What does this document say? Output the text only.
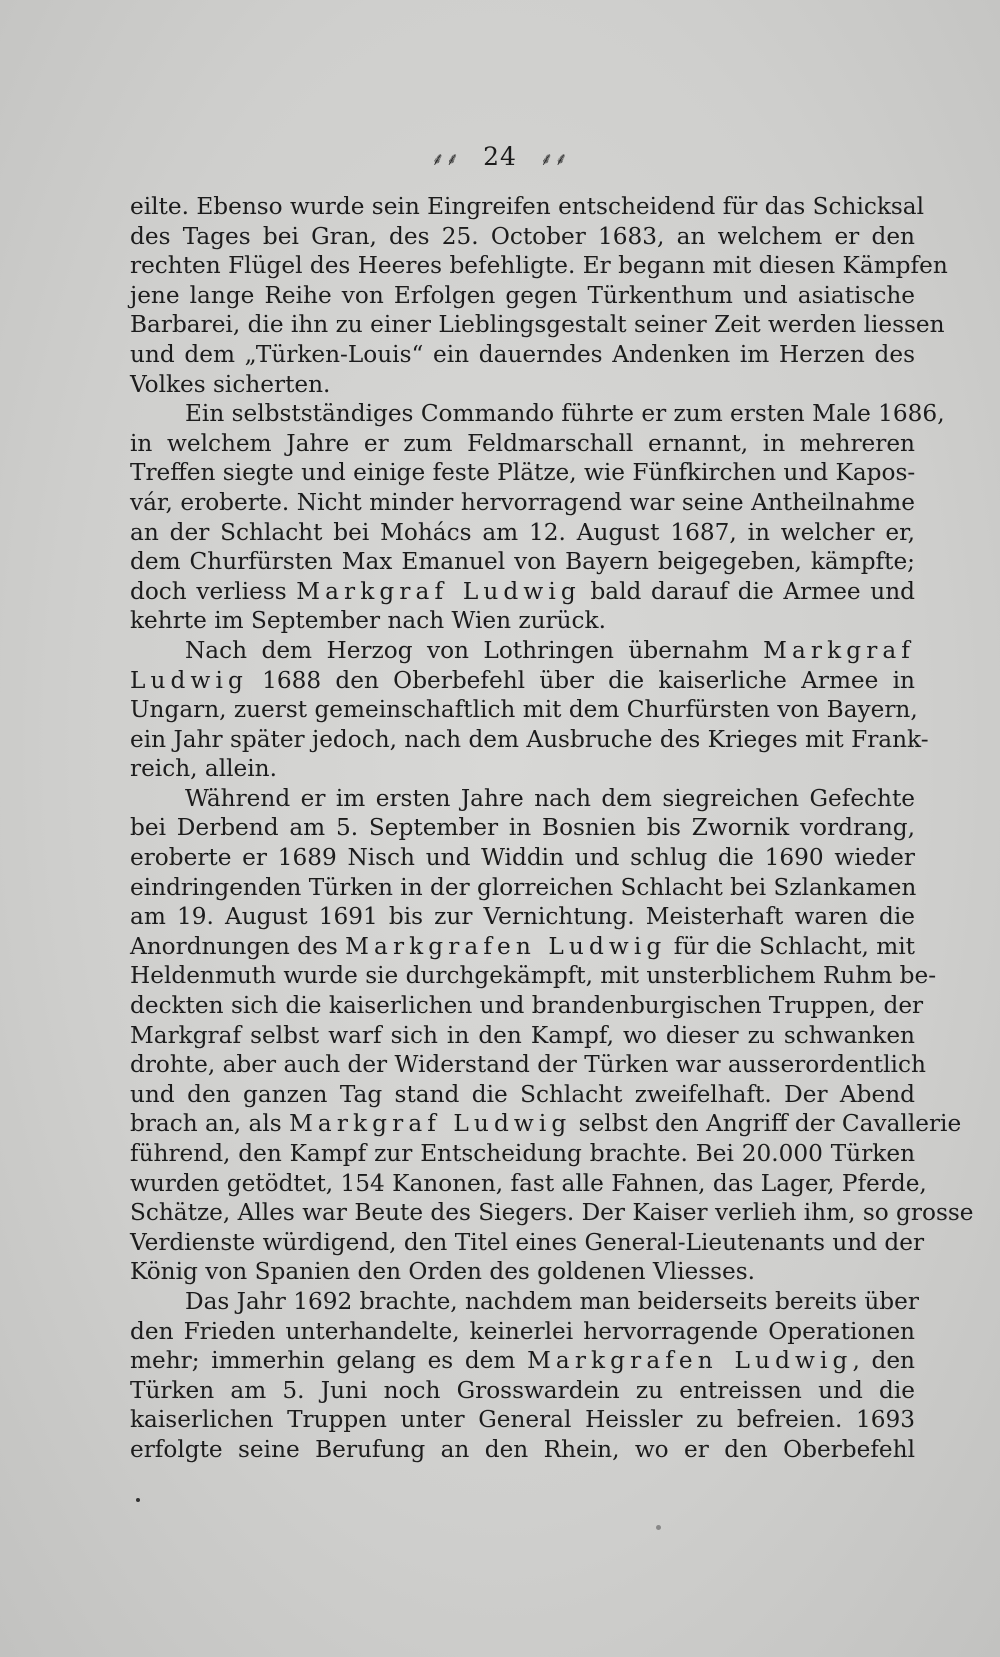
⸙⸙ 24 ⸙⸙
eilte. Ebenso wurde sein Eingreifen entscheidend für das Schicksal
des Tages bei Gran, des 25. October 1683, an welchem er den
rechten Flügel des Heeres befehligte. Er begann mit diesen Kämpfen
jene lange Reihe von Erfolgen gegen Türkenthum und asiatische
Barbarei, die ihn zu einer Lieblingsgestalt seiner Zeit werden liessen
und dem „Türken-Louis“ ein dauerndes Andenken im Herzen des
Volkes sicherten.
Ein selbstständiges Commando führte er zum ersten Male 1686,
in welchem Jahre er zum Feldmarschall ernannt, in mehreren
Treffen siegte und einige feste Plätze, wie Fünfkirchen und Kapos-
vár, eroberte. Nicht minder hervorragend war seine Antheilnahme
an der Schlacht bei Mohács am 12. August 1687, in welcher er,
dem Churfürsten Max Emanuel von Bayern beigegeben, kämpfte;
doch verliess Markgraf Ludwig bald darauf die Armee und
kehrte im September nach Wien zurück.
Nach dem Herzog von Lothringen übernahm Markgraf
Ludwig 1688 den Oberbefehl über die kaiserliche Armee in
Ungarn, zuerst gemeinschaftlich mit dem Churfürsten von Bayern,
ein Jahr später jedoch, nach dem Ausbruche des Krieges mit Frank-
reich, allein.
Während er im ersten Jahre nach dem siegreichen Gefechte
bei Derbend am 5. September in Bosnien bis Zwornik vordrang,
eroberte er 1689 Nisch und Widdin und schlug die 1690 wieder
eindringenden Türken in der glorreichen Schlacht bei Szlankamen
am 19. August 1691 bis zur Vernichtung. Meisterhaft waren die
Anordnungen des Markgrafen Ludwig für die Schlacht, mit
Heldenmuth wurde sie durchgekämpft, mit unsterblichem Ruhm be-
deckten sich die kaiserlichen und brandenburgischen Truppen, der
Markgraf selbst warf sich in den Kampf, wo dieser zu schwanken
drohte, aber auch der Widerstand der Türken war ausserordentlich
und den ganzen Tag stand die Schlacht zweifelhaft. Der Abend
brach an, als Markgraf Ludwig selbst den Angriff der Cavallerie
führend, den Kampf zur Entscheidung brachte. Bei 20.000 Türken
wurden getödtet, 154 Kanonen, fast alle Fahnen, das Lager, Pferde,
Schätze, Alles war Beute des Siegers. Der Kaiser verlieh ihm, so grosse
Verdienste würdigend, den Titel eines General-Lieutenants und der
König von Spanien den Orden des goldenen Vliesses.
Das Jahr 1692 brachte, nachdem man beiderseits bereits über
den Frieden unterhandelte, keinerlei hervorragende Operationen
mehr; immerhin gelang es dem Markgrafen Ludwig, den
Türken am 5. Juni noch Grosswardein zu entreissen und die
kaiserlichen Truppen unter General Heissler zu befreien. 1693
erfolgte seine Berufung an den Rhein, wo er den Oberbefehl
